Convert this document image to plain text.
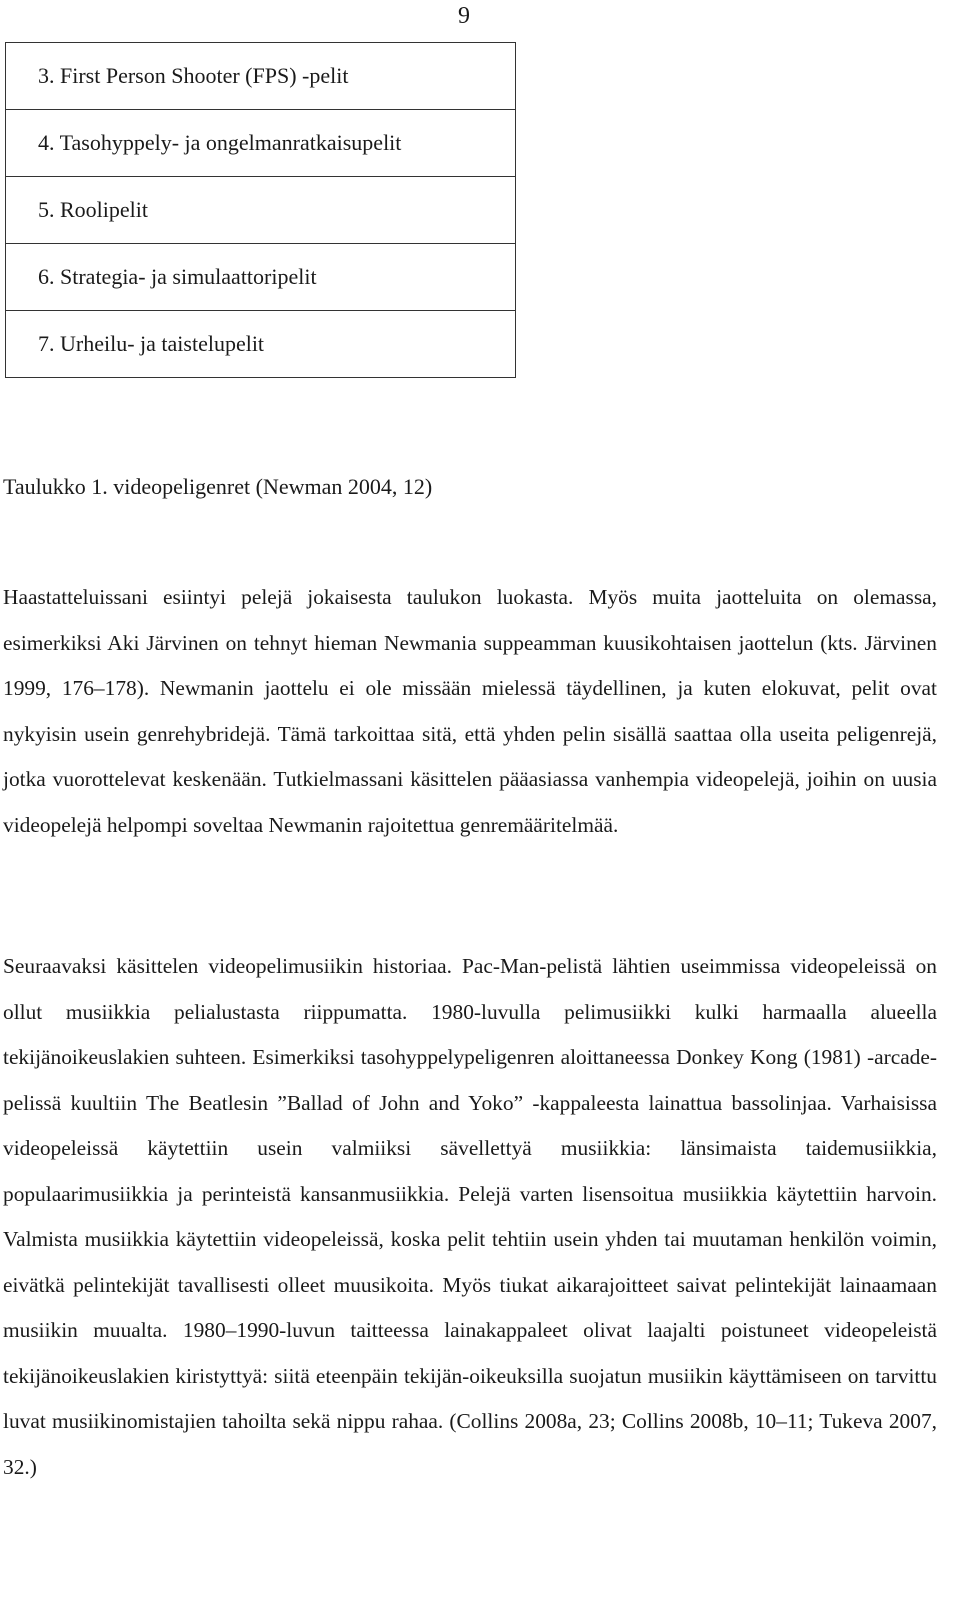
9
3. First Person Shooter (FPS) -pelit
4. Tasohyppely- ja ongelmanratkaisupelit
5. Roolipelit
6. Strategia- ja simulaattoripelit
7. Urheilu- ja taistelupelit
Taulukko 1. videopeligenret (Newman 2004, 12)

Haastatteluissani esiintyi pelejä jokaisesta taulukon luokasta. Myös muita jaotteluita on olemassa, esimerkiksi Aki Järvinen on tehnyt hieman Newmania suppeamman kuusikohtaisen jaottelun (kts. Järvinen 1999, 176–178). Newmanin jaottelu ei ole missään mielessä täydellinen, ja kuten elokuvat, pelit ovat nykyisin usein genrehybridejä. Tämä tarkoittaa sitä, että yhden pelin sisällä saattaa olla useita peligenrejä, jotka vuorottelevat keskenään. Tutkielmassani käsittelen pääasiassa vanhempia videopelejä, joihin on uusia videopelejä helpompi soveltaa Newmanin rajoitettua genremääritelmää.

Seuraavaksi käsittelen videopelimusiikin historiaa. Pac-Man-pelistä lähtien useimmissa videopeleissä on ollut musiikkia pelialustasta riippumatta. 1980-luvulla pelimusiikki kulki harmaalla alueella tekijänoikeuslakien suhteen. Esimerkiksi tasohyppelypeligenren aloittaneessa Donkey Kong (1981) -arcade-pelissä kuultiin The Beatlesin ”Ballad of John and Yoko” -kappaleesta lainattua bassolinjaa. Varhaisissa videopeleissä käytettiin usein valmiiksi sävellettyä musiikkia: länsimaista taidemusiikkia, populaarimusiikkia ja perinteistä kansanmusiikkia. Pelejä varten lisensoitua musiikkia käytettiin harvoin. Valmista musiikkia käytettiin videopeleissä, koska pelit tehtiin usein yhden tai muutaman henkilön voimin, eivätkä pelintekijät tavallisesti olleet muusikoita. Myös tiukat aikarajoitteet saivat pelintekijät lainaamaan musiikin muualta. 1980–1990-luvun taitteessa lainakappaleet olivat laajalti poistuneet videopeleistä tekijänoikeuslakien kiristyttyä: siitä eteenpäin tekijän-oikeuksilla suojatun musiikin käyttämiseen on tarvittu luvat musiikinomistajien tahoilta sekä nippu rahaa. (Collins 2008a, 23; Collins 2008b, 10–11; Tukeva 2007, 32.)
